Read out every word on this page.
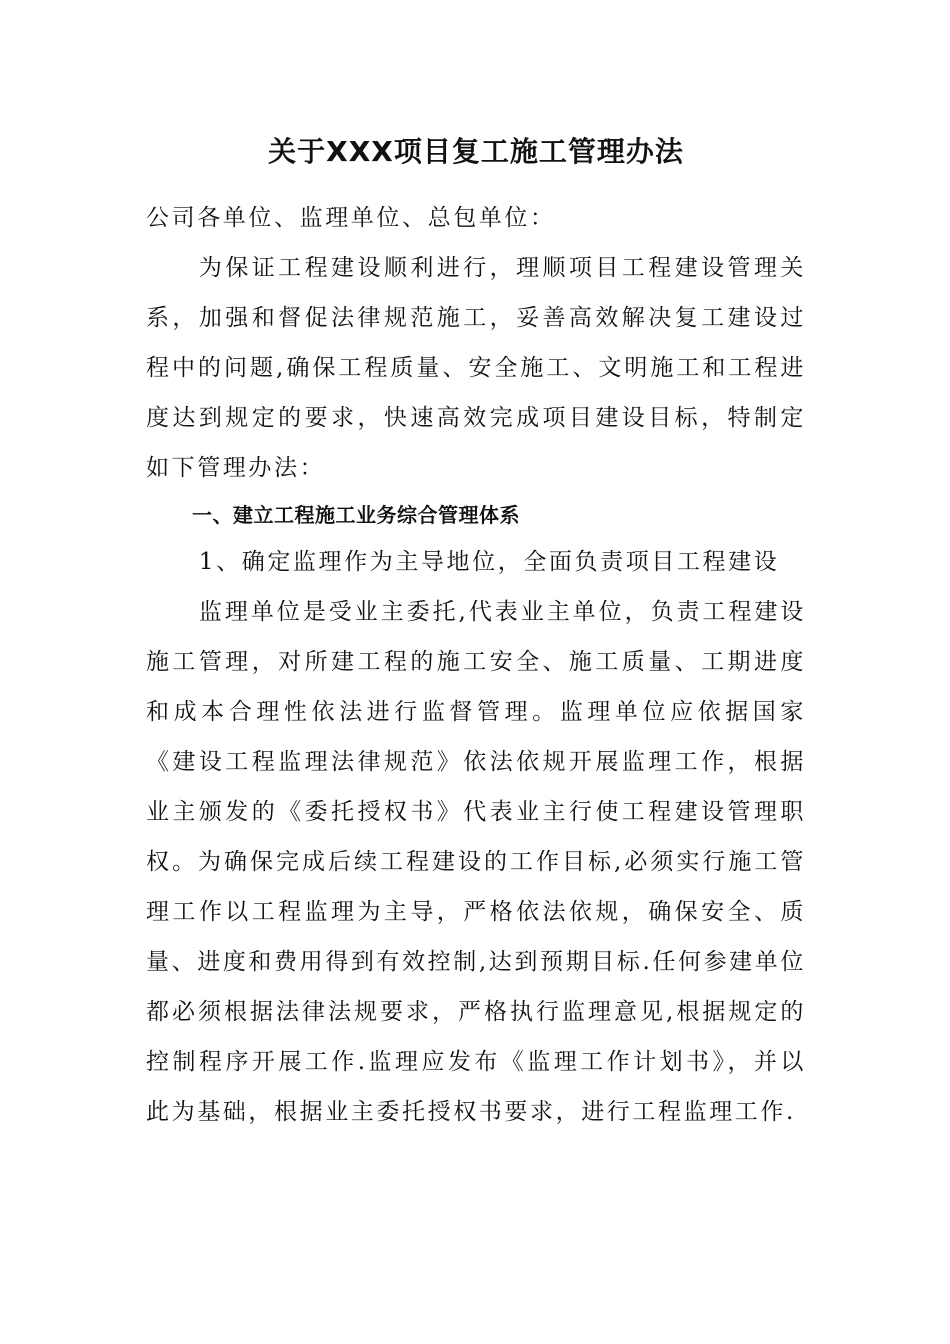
关于XXX项目复工施工管理办法

公司各单位、监理单位、总包单位：

为保证工程建设顺利进行，理顺项目工程建设管理关系，加强和督促法律规范施工，妥善高效解决复工建设过程中的问题,确保工程质量、安全施工、文明施工和工程进度达到规定的要求，快速高效完成项目建设目标，特制定如下管理办法：

一、建立工程施工业务综合管理体系

1、确定监理作为主导地位，全面负责项目工程建设

监理单位是受业主委托,代表业主单位，负责工程建设施工管理，对所建工程的施工安全、施工质量、工期进度和成本合理性依法进行监督管理。监理单位应依据国家《建设工程监理法律规范》依法依规开展监理工作，根据业主颁发的《委托授权书》代表业主行使工程建设管理职权。为确保完成后续工程建设的工作目标,必须实行施工管理工作以工程监理为主导，严格依法依规，确保安全、质量、进度和费用得到有效控制,达到预期目标.任何参建单位都必须根据法律法规要求，严格执行监理意见,根据规定的控制程序开展工作.监理应发布《监理工作计划书》，并以此为基础，根据业主委托授权书要求，进行工程监理工作.
